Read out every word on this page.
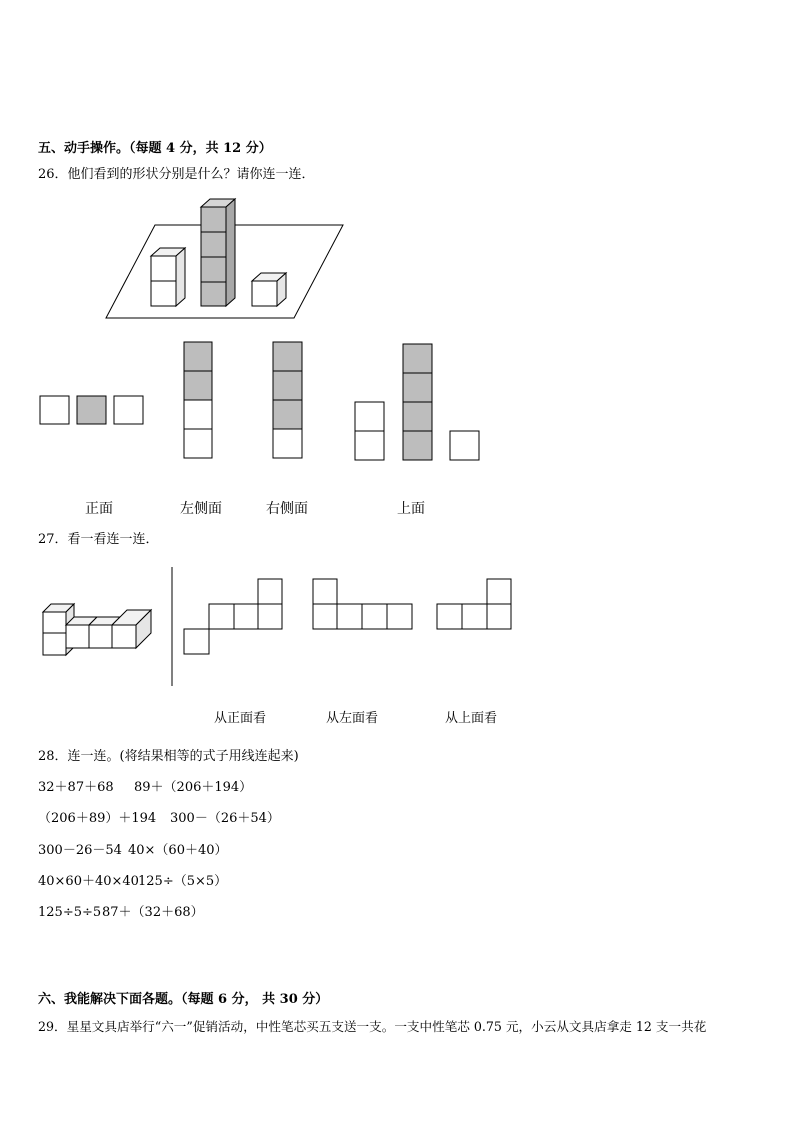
五、动手操作。（每题 4 分，共 12 分）
26．他们看到的形状分别是什么？请你连一连．
正面	左侧面	右侧面	上面
27．看一看连一连．
从正面看	从左面看	从上面看
28．连一连。(将结果相等的式子用线连起来)
32＋87＋68 89＋（206＋194）
（206＋89）＋194 300－（26＋54）
300－26－54 40×（60＋40）
40×60＋40×40 125÷（5×5）
125÷5÷5 87＋（32＋68）
六、我能解决下面各题。（每题 6 分， 共 30 分）
29．星星文具店举行“六一”促销活动，中性笔芯买五支送一支。一支中性笔芯 0.75 元，小云从文具店拿走 12 支一共花
